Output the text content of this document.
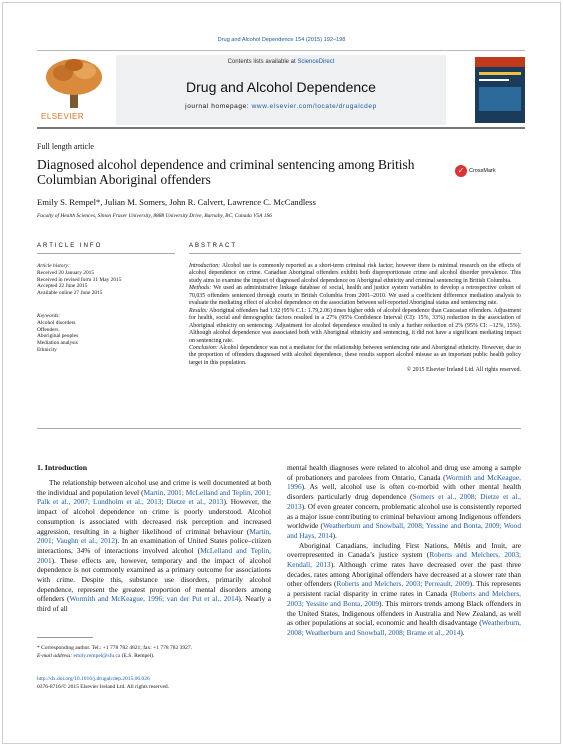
Drug and Alcohol Dependence 154 (2015) 192–198
ELSEVIER
Contents lists available at ScienceDirect
Drug and Alcohol Dependence
journal homepage: www.elsevier.com/locate/drugalcdep
Full length article
Diagnosed alcohol dependence and criminal sentencing among British Columbian Aboriginal offenders
✓ CrossMark
Emily S. Rempel*, Julian M. Somers, John R. Calvert, Lawrence C. McCandless
Faculty of Health Sciences, Simon Fraser University, 8888 University Drive, Burnaby, BC, Canada V5A 1S6
ARTICLE INFO	ABSTRACT
Article history:
Received 20 January 2015
Received in revised form 31 May 2015
Accepted 22 June 2015
Available online 27 June 2015
Keywords:
Alcohol disorders
Offenders
Aboriginal peoples
Mediation analysis
Ethnicity
Introduction: Alcohol use is commonly reported as a short-term criminal risk factor; however there is minimal research on the effects of alcohol dependence on crime. Canadian Aboriginal offenders exhibit both disproportionate crime and alcohol disorder prevalence. This study aims to examine the impact of diagnosed alcohol dependence on Aboriginal ethnicity and criminal sentencing in British Columbia.
Methods: We used an administrative linkage database of social, health and justice system variables to develop a retrospective cohort of 70,035 offenders sentenced through courts in British Columbia from 2001–2010. We used a coefficient difference mediation analysis to evaluate the mediating effect of alcohol dependence on the association between self-reported Aboriginal status and sentencing rate.
Results: Aboriginal offenders had 1.92 (95% C.I.: 1.79,2.06) times higher odds of alcohol dependence than Caucasian offenders. Adjustment for health, social and demographic factors resulted in a 27% (95% Confidence Interval (CI): 15%, 33%) reduction in the association of Aboriginal ethnicity on sentencing. Adjustment for alcohol dependence resulted in only a further reduction of 2% (95% CI: −12%, 15%). Although alcohol dependence was associated both with Aboriginal ethnicity and sentencing, it did not have a significant mediating impact on sentencing rate.
Conclusion: Alcohol dependence was not a mediator for the relationship between sentencing rate and Aboriginal ethnicity. However, due to the proportion of offenders diagnosed with alcohol dependence, these results support alcohol misuse as an important public health policy target in this population.
© 2015 Elsevier Ireland Ltd. All rights reserved.
1. Introduction
The relationship between alcohol use and crime is well documented at both the individual and population level (Martin, 2001; McLelland and Teplin, 2001; Palk et al., 2007; Lundholm et al., 2013; Dietze et al., 2013). However, the impact of alcohol dependence on crime is poorly understood. Alcohol consumption is associated with decreased risk perception and increased aggression, resulting in a higher likelihood of criminal behaviour (Martin, 2001; Vaughn et al., 2012). In an examination of United States police–citizen interactions, 34% of interactions involved alcohol (McLelland and Teplin, 2001). These effects are, however, temporary and the impact of alcohol dependence is not commonly examined as a primary outcome for associations with crime. Despite this, substance use disorders, primarily alcohol dependence, represent the greatest proportion of mental disorders among offenders (Wormith and McKeague, 1996; van der Put et al., 2014). Nearly a third of all
mental health diagnoses were related to alcohol and drug use among a sample of probationers and parolees from Ontario, Canada (Wormith and McKeague, 1996). As well, alcohol use is often co-morbid with other mental health disorders particularly drug dependence (Somers et al., 2008; Dietze et al., 2013). Of even greater concern, problematic alcohol use is consistently reported as a major issue contributing to criminal behaviour among Indigenous offenders worldwide (Weatherburn and Snowball, 2008; Yessine and Bonta, 2009; Wood and Hays, 2014).
Aboriginal Canadians, including First Nations, Métis and Inuit, are overrepresented in Canada’s justice system (Roberts and Melchers, 2003; Kendall, 2013). Although crime rates have decreased over the past three decades, rates among Aboriginal offenders have decreased at a slower rate than other offenders (Roberts and Melchers, 2003; Perreault, 2009). This represents a persistent racial disparity in crime rates in Canada (Roberts and Melchers, 2003; Yessine and Bonta, 2009). This mirrors trends among Black offenders in the United States, Indigenous offenders in Australia and New Zealand, as well as other populations at social, economic and health disadvantage (Weatherburn, 2008; Weatherburn and Snowball, 2008; Brame et al., 2014).
* Corresponding author. Tel.: +1 778 782 4821; fax: +1 778 782 3927.
E-mail address: emily.rempel@sfu.ca (E.S. Rempel).
http://dx.doi.org/10.1016/j.drugalcdep.2015.06.026
0376-8716/© 2015 Elsevier Ireland Ltd. All rights reserved.
